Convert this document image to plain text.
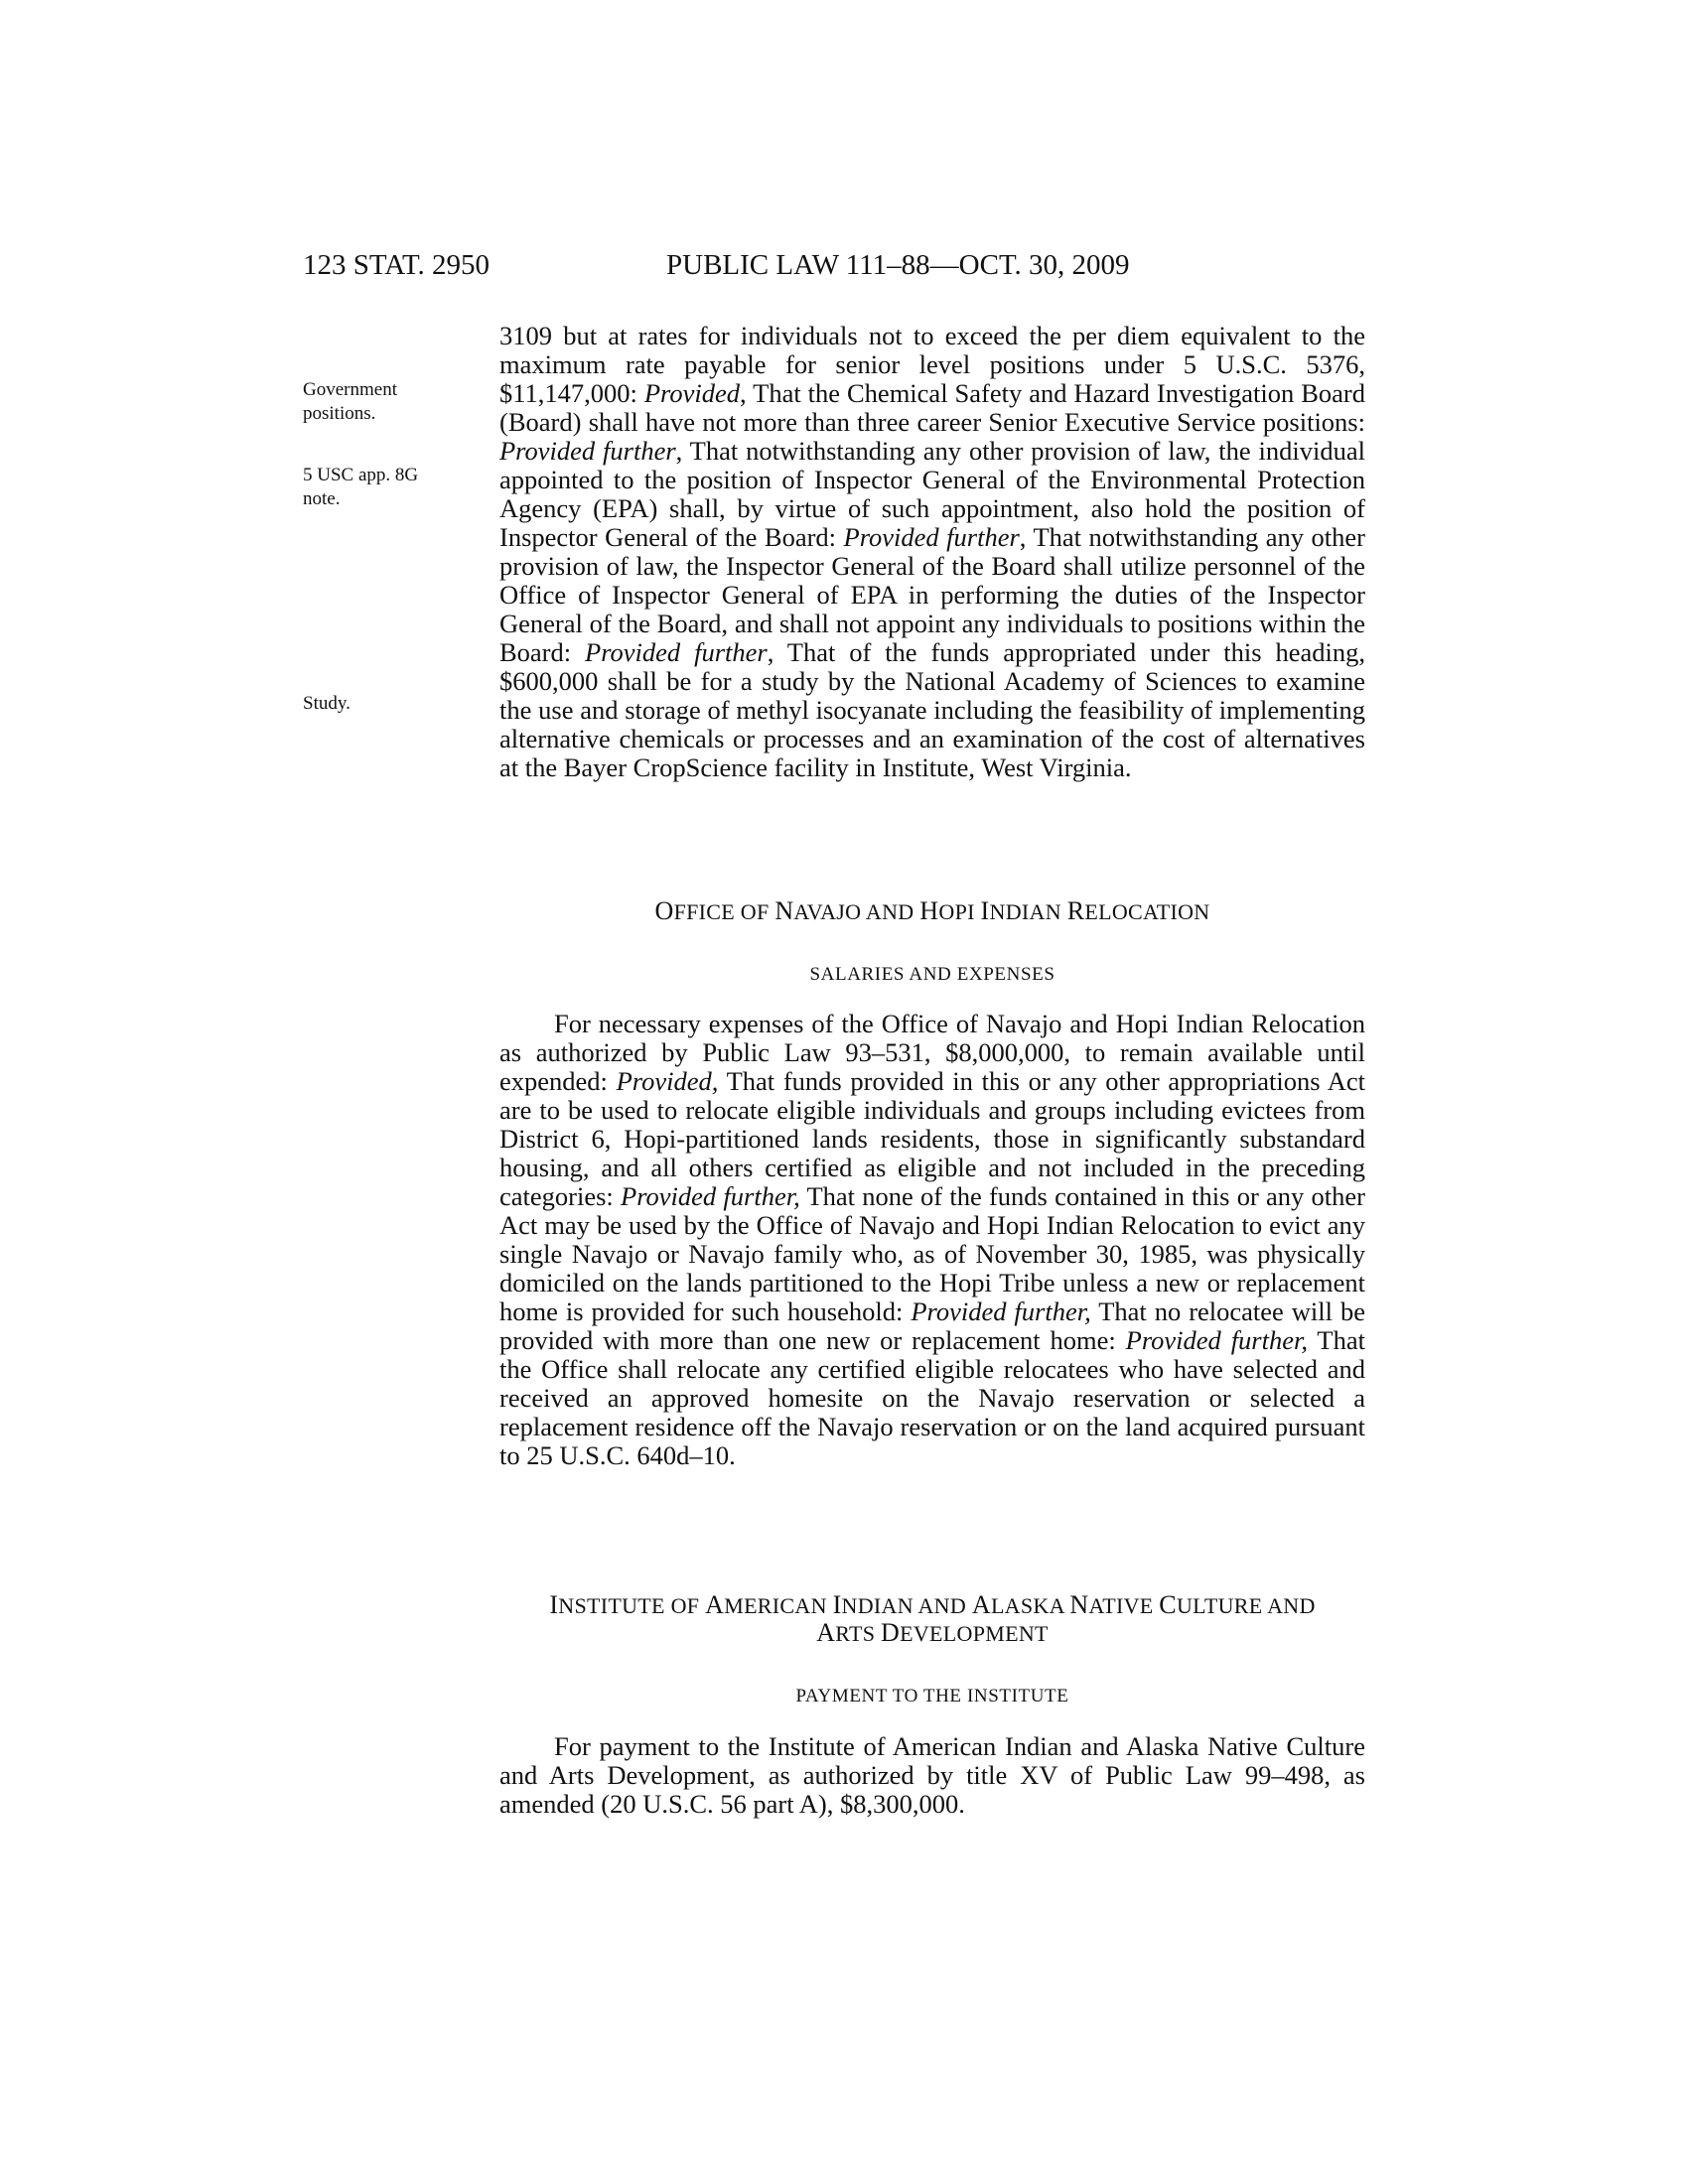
123 STAT. 2950	PUBLIC LAW 111–88—OCT. 30, 2009
Government positions.
5 USC app. 8G note.
Study.

3109 but at rates for individuals not to exceed the per diem equivalent to the maximum rate payable for senior level positions under 5 U.S.C. 5376, $11,147,000: Provided, That the Chemical Safety and Hazard Investigation Board (Board) shall have not more than three career Senior Executive Service positions: Provided further, That notwithstanding any other provision of law, the individual appointed to the position of Inspector General of the Environmental Protection Agency (EPA) shall, by virtue of such appointment, also hold the position of Inspector General of the Board: Provided further, That notwithstanding any other provision of law, the Inspector General of the Board shall utilize personnel of the Office of Inspector General of EPA in performing the duties of the Inspector General of the Board, and shall not appoint any individuals to positions within the Board: Provided further, That of the funds appropriated under this heading, $600,000 shall be for a study by the National Academy of Sciences to examine the use and storage of methyl isocyanate including the feasibility of implementing alternative chemicals or processes and an examination of the cost of alternatives at the Bayer CropScience facility in Institute, West Virginia.

OFFICE OF NAVAJO AND HOPI INDIAN RELOCATION
SALARIES AND EXPENSES

For necessary expenses of the Office of Navajo and Hopi Indian Relocation as authorized by Public Law 93–531, $8,000,000, to remain available until expended: Provided, That funds provided in this or any other appropriations Act are to be used to relocate eligible individuals and groups including evictees from District 6, Hopi-partitioned lands residents, those in significantly substandard housing, and all others certified as eligible and not included in the preceding categories: Provided further, That none of the funds contained in this or any other Act may be used by the Office of Navajo and Hopi Indian Relocation to evict any single Navajo or Navajo family who, as of November 30, 1985, was physically domiciled on the lands partitioned to the Hopi Tribe unless a new or replacement home is provided for such household: Provided further, That no relocatee will be provided with more than one new or replacement home: Provided further, That the Office shall relocate any certified eligible relocatees who have selected and received an approved homesite on the Navajo reservation or selected a replacement residence off the Navajo reservation or on the land acquired pursuant to 25 U.S.C. 640d–10.

INSTITUTE OF AMERICAN INDIAN AND ALASKA NATIVE CULTURE AND
ARTS DEVELOPMENT
PAYMENT TO THE INSTITUTE

For payment to the Institute of American Indian and Alaska Native Culture and Arts Development, as authorized by title XV of Public Law 99–498, as amended (20 U.S.C. 56 part A), $8,300,000.
